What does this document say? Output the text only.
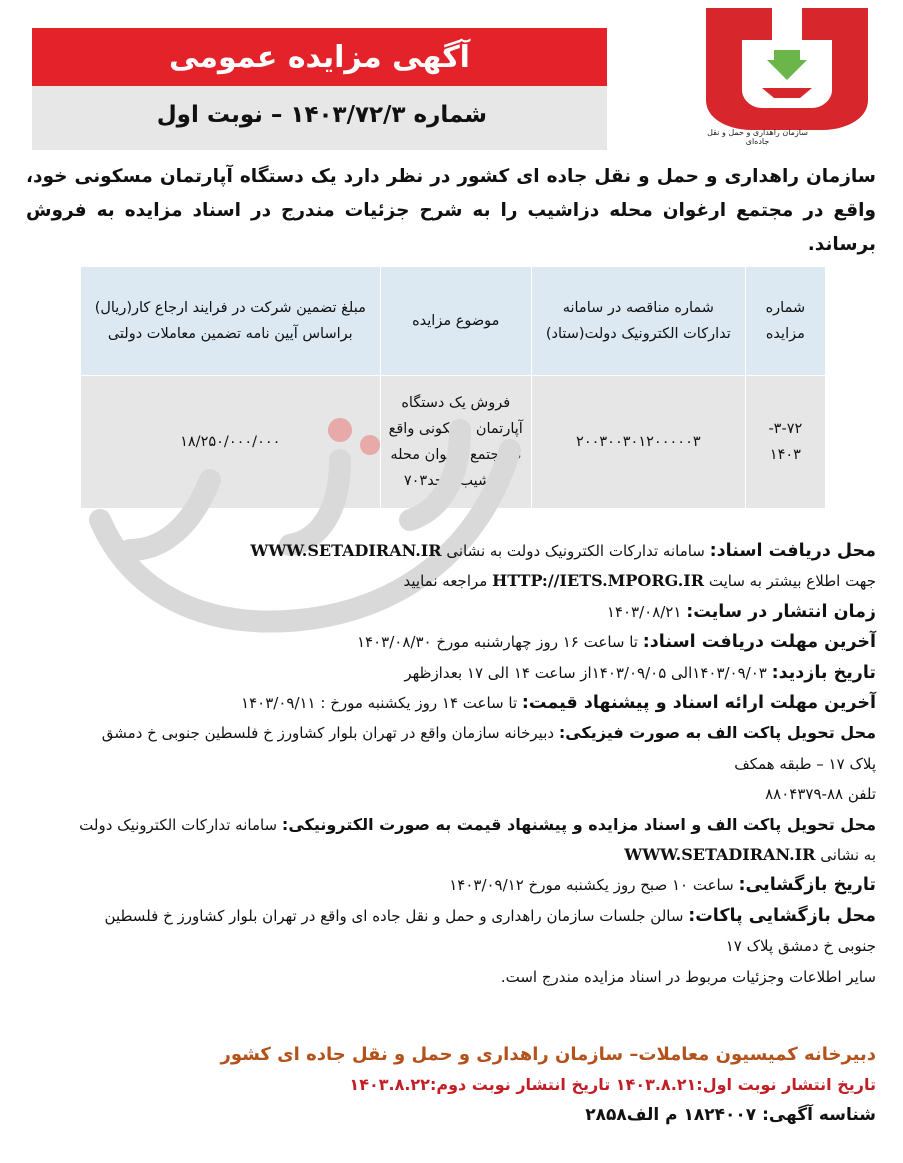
سازمان راهداری و حمل و نقل جاده‌ای
آگهی مزایده عمومی
شماره ۱۴۰۳/۷۲/۳ – نوبت اول
سازمان راهداری و حمل و نقل جاده ای کشور در نظر دارد یک دستگاه آپارتمان مسکونی خود، واقع در مجتمع ارغوان محله دزاشیب را به شرح جزئیات مندرج در اسناد مزایده به فروش برساند.
شماره مزایده	شماره مناقصه در سامانه تدارکات الکترونیک دولت(ستاد)	موضوع مزایده	مبلغ تضمین شرکت در فرایند ارجاع کار(ریال) براساس آیین نامه تضمین معاملات دولتی
۳-۷۲- ۱۴۰۳	۲۰۰۳۰۰۳۰۱۲۰۰۰۰۰۳	فروش یک دستگاه آپارتمان مسکونی واقع درمجتمع ارغوان محله دزاشیب واحد۷۰۳	۱۸/۲۵۰/۰۰۰/۰۰۰
محل دریافت اسناد: سامانه تدارکات الکترونیک دولت به نشانی WWW.SETADIRAN.IR
جهت اطلاع بیشتر به سایت HTTP://IETS.MPORG.IR مراجعه نمایید
زمان انتشار در سایت: ۱۴۰۳/۰۸/۲۱
آخرین مهلت دریافت اسناد: تا ساعت ۱۶ روز چهارشنبه مورخ ۱۴۰۳/۰۸/۳۰
تاریخ بازدید: ۱۴۰۳/۰۹/۰۳الی ۱۴۰۳/۰۹/۰۵از ساعت ۱۴ الی ۱۷ بعدازظهر
آخرین مهلت ارائه اسناد و پیشنهاد قیمت: تا ساعت ۱۴ روز یکشنبه مورخ : ۱۴۰۳/۰۹/۱۱
محل تحویل پاکت الف به صورت فیزیکی: دبیرخانه سازمان واقع در تهران بلوار کشاورز خ فلسطین جنوبی خ دمشق
پلاک ۱۷ – طبقه همکف
تلفن ۸۸-۸۸۰۴۳۷۹
محل تحویل پاکت الف و اسناد مزایده و پیشنهاد قیمت به صورت الکترونیکی: سامانه تدارکات الکترونیک دولت
به نشانی WWW.SETADIRAN.IR
تاریخ بازگشایی: ساعت ۱۰ صبح روز یکشنبه مورخ ۱۴۰۳/۰۹/۱۲
محل بازگشایی پاکات: سالن جلسات سازمان راهداری و حمل و نقل جاده ای واقع در تهران بلوار کشاورز خ فلسطین
جنوبی خ دمشق پلاک ۱۷
سایر اطلاعات وجزئیات مربوط در اسناد مزایده مندرج است.
دبیرخانه کمیسیون معاملات– سازمان راهداری و حمل و نقل جاده ای کشور
تاریخ انتشار نوبت اول:۱۴۰۳.۸.۲۱ تاریخ انتشار نوبت دوم:۱۴۰۳.۸.۲۲
شناسه آگهی: ۱۸۲۴۰۰۷ م الف۲۸۵۸
